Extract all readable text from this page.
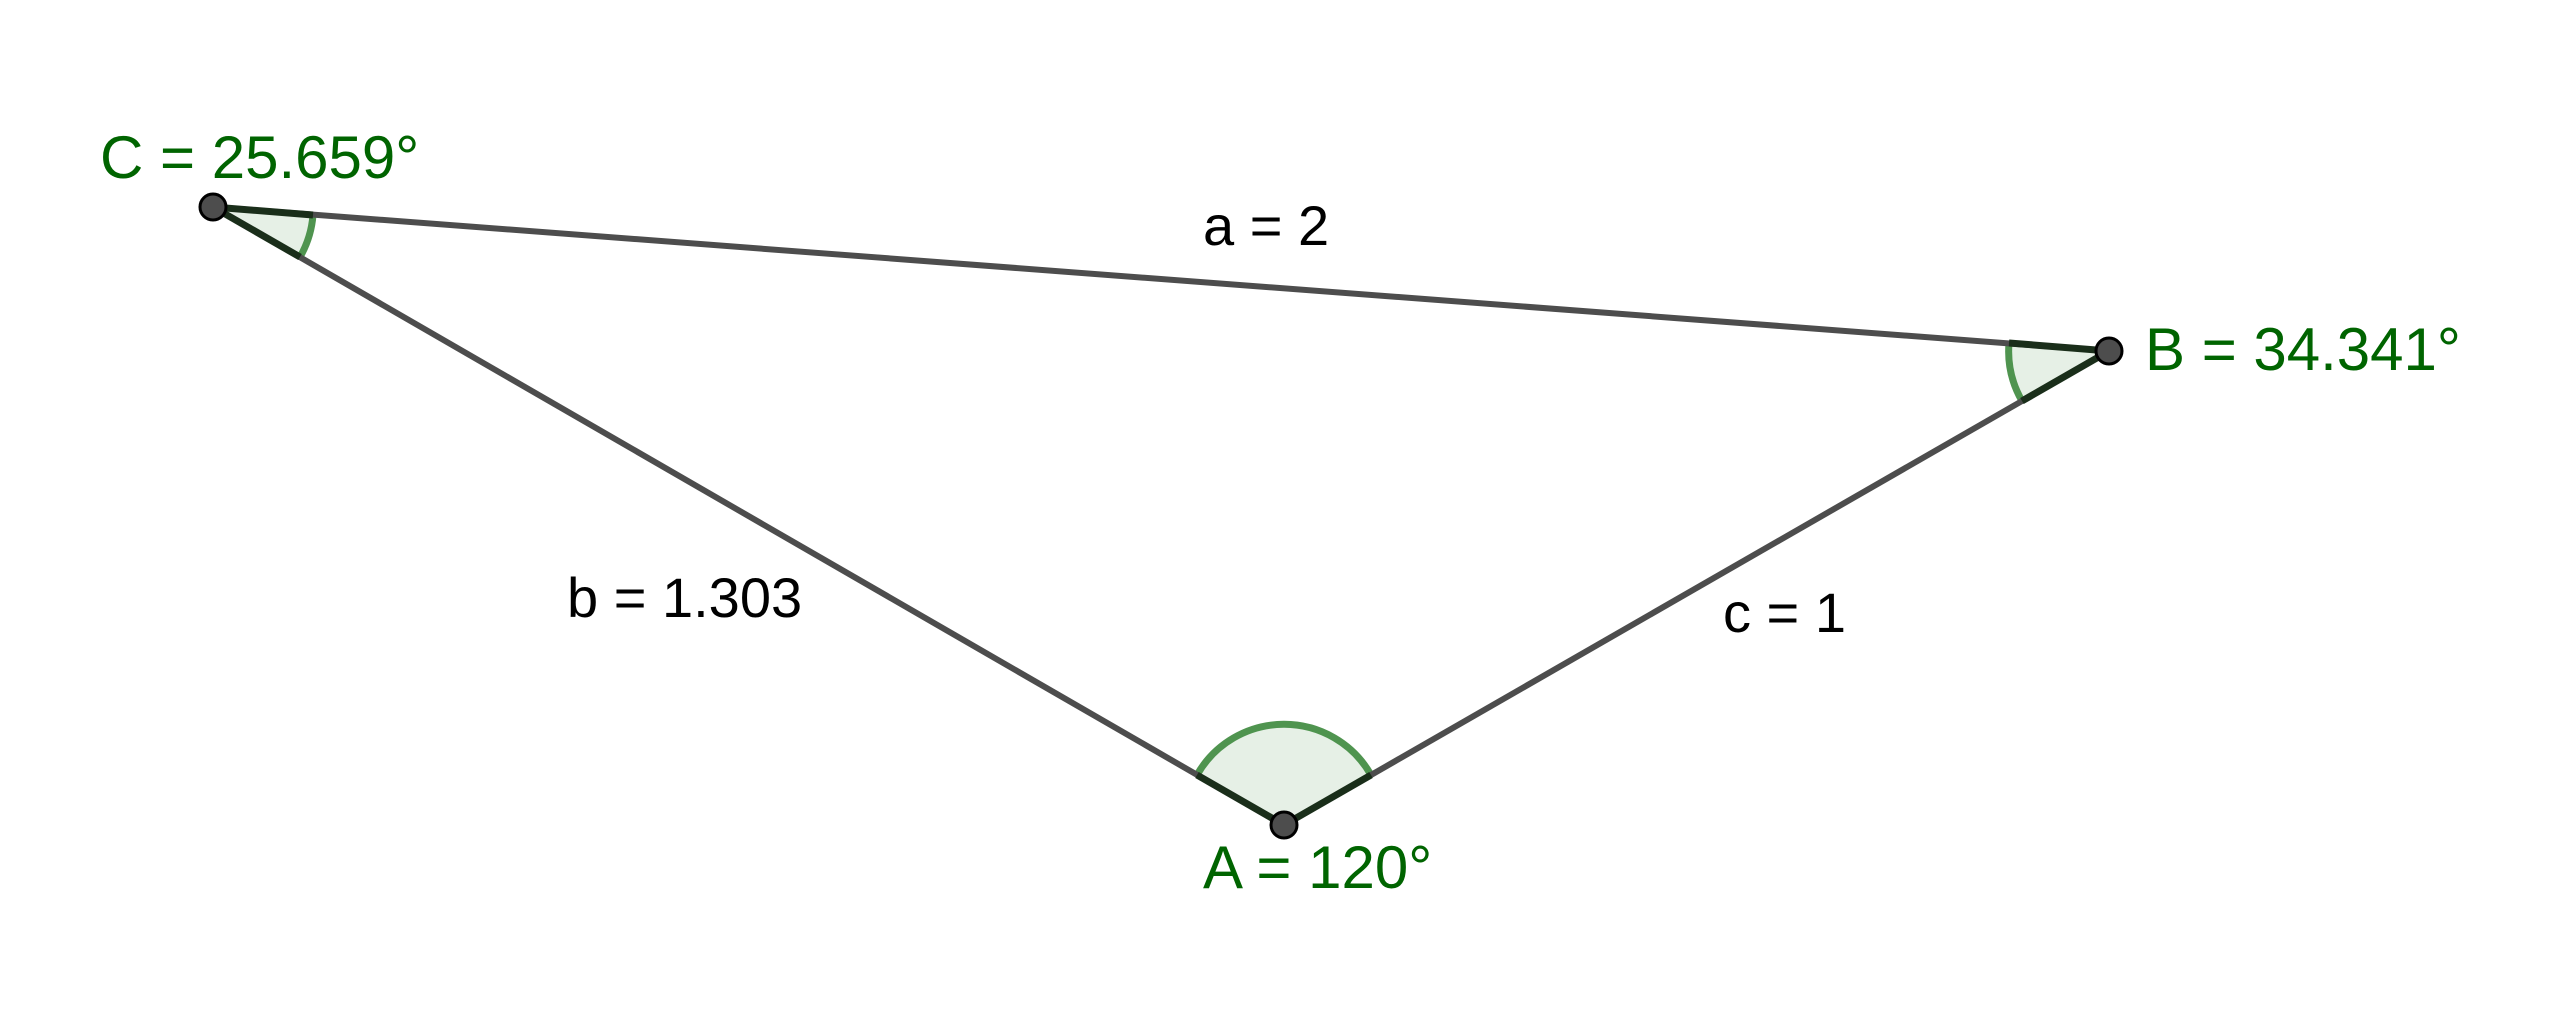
a = 2
b = 1.303	c = 1
A = 120°
B = 34.341°
C = 25.659°
